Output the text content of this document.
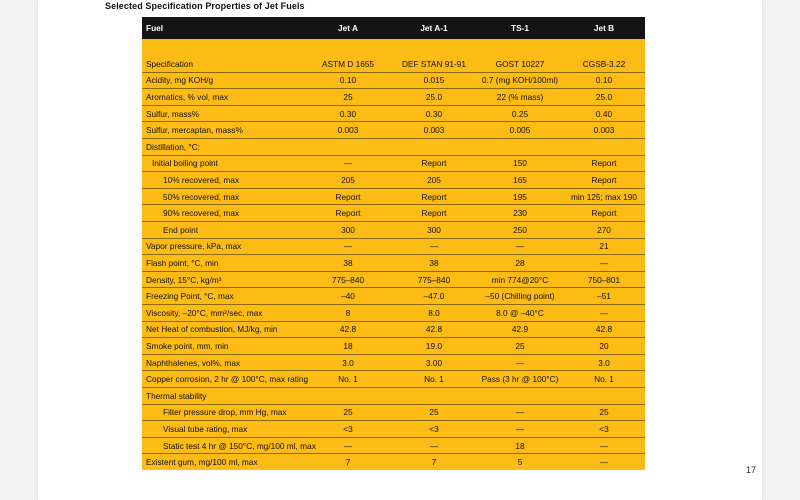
Selected Specification Properties of Jet Fuels
Fuel	Jet A	Jet A-1	TS-1	Jet B

Specification	ASTM D 1655	DEF STAN 91-91	GOST 10227	CGSB-3.22
Acidity, mg KOH/g	0.10	0.015	0.7 (mg KOH/100ml)	0.10
Aromatics, % vol, max	25	25.0	22 (% mass)	25.0
Sulfur, mass%	0.30	0.30	0.25	0.40
Sulfur, mercaptan, mass%	0.003	0.003	0.005	0.003
Distillation, °C:				
Initial boiling point	—	Report	150	Report
10% recovered, max	205	205	165	Report
50% recovered, max	Report	Report	195	min 125; max 190
90% recovered, max	Report	Report	230	Report
End point	300	300	250	270
Vapor pressure, kPa, max	—	—	—	21
Flash point, °C, min	38	38	28	—
Density, 15°C, kg/m³	775–840	775–840	min 774@20°C	750–801
Freezing Point, °C, max	–40	–47.0	–50 (Chilling point)	–51
Viscosity, –20°C, mm²/sec, max	8	8.0	8.0 @ –40°C	—
Net Heat of combustion, MJ/kg, min	42.8	42.8	42.9	42.8
Smoke point, mm, min	18	19.0	25	20
Naphthalenes, vol%, max	3.0	3.00	—	3.0
Copper corrosion, 2 hr @ 100°C, max rating	No. 1	No. 1	Pass (3 hr @ 100°C)	No. 1
Thermal stability				
Filter pressure drop, mm Hg, max	25	25	—	25
Visual tube rating, max	<3	<3	—	<3
Static test 4 hr @ 150°C, mg/100 ml, max	—	—	18	—
Existent gum, mg/100 ml, max	7	7	5	—
17
